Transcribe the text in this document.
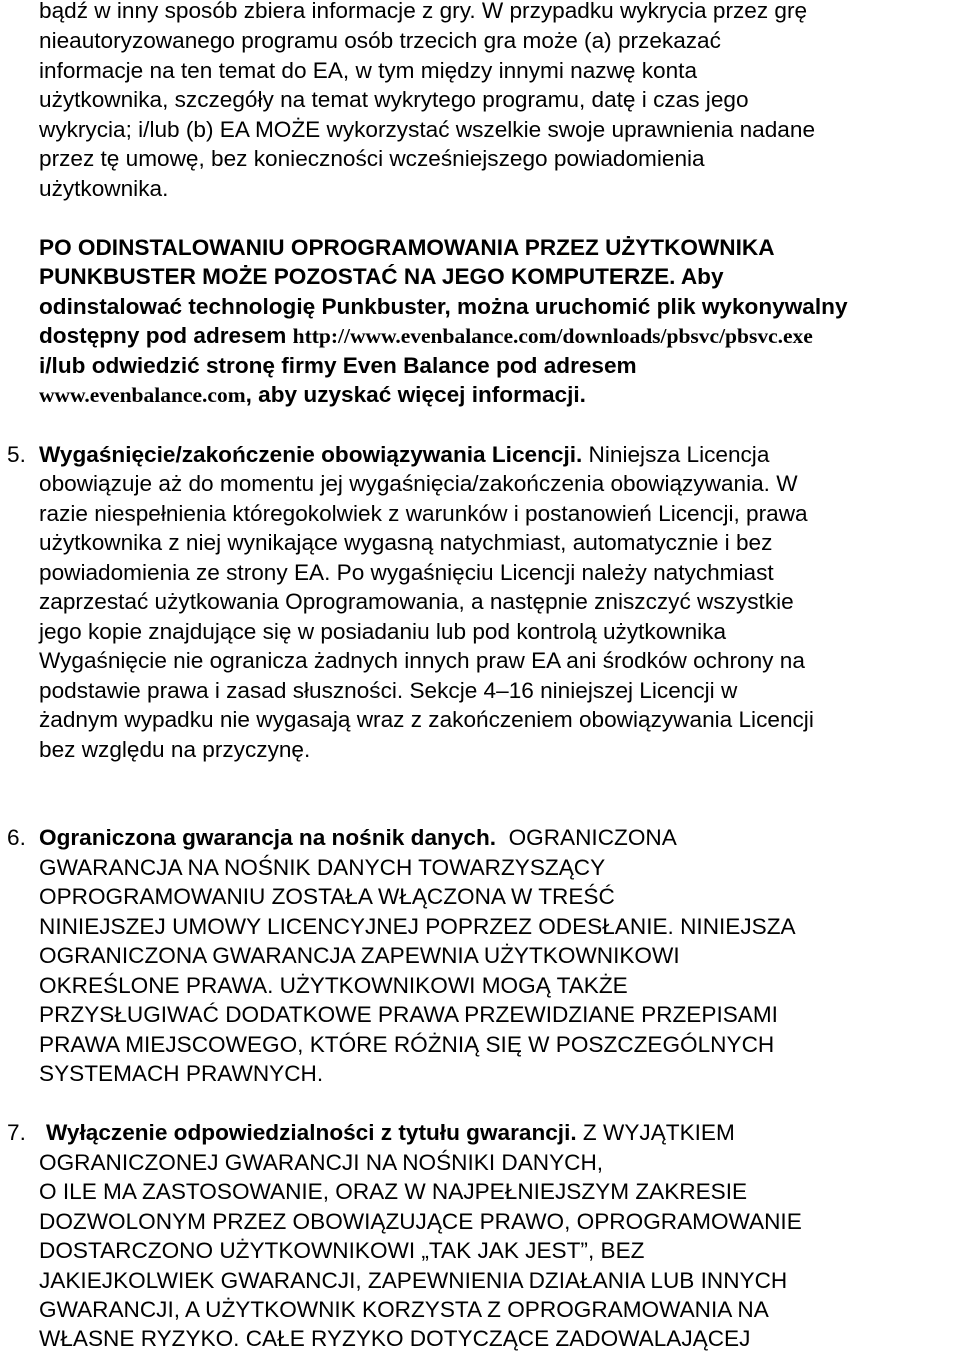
bądź w inny sposób zbiera informacje z gry. W przypadku wykrycia przez grę
nieautoryzowanego programu osób trzecich gra może (a) przekazać
informacje na ten temat do EA, w tym między innymi nazwę konta
użytkownika, szczegóły na temat wykrytego programu, datę i czas jego
wykrycia; i/lub (b) EA MOŻE wykorzystać wszelkie swoje uprawnienia nadane
przez tę umowę, bez konieczności wcześniejszego powiadomienia
użytkownika.
PO ODINSTALOWANIU OPROGRAMOWANIA PRZEZ UŻYTKOWNIKA
PUNKBUSTER MOŻE POZOSTAĆ NA JEGO KOMPUTERZE. Aby
odinstalować technologię Punkbuster, można uruchomić plik wykonywalny
dostępny pod adresem http://www.evenbalance.com/downloads/pbsvc/pbsvc.exe
i/lub odwiedzić stronę firmy Even Balance pod adresem
www.evenbalance.com, aby uzyskać więcej informacji.
5. Wygaśnięcie/zakończenie obowiązywania Licencji. Niniejsza Licencja
obowiązuje aż do momentu jej wygaśnięcia/zakończenia obowiązywania. W
razie niespełnienia któregokolwiek z warunków i postanowień Licencji, prawa
użytkownika z niej wynikające wygasną natychmiast, automatycznie i bez
powiadomienia ze strony EA. Po wygaśnięciu Licencji należy natychmiast
zaprzestać użytkowania Oprogramowania, a następnie zniszczyć wszystkie
jego kopie znajdujące się w posiadaniu lub pod kontrolą użytkownika
Wygaśnięcie nie ogranicza żadnych innych praw EA ani środków ochrony na
podstawie prawa i zasad słuszności. Sekcje 4–16 niniejszej Licencji w
żadnym wypadku nie wygasają wraz z zakończeniem obowiązywania Licencji
bez względu na przyczynę.
6. Ograniczona gwarancja na nośnik danych.  OGRANICZONA
GWARANCJA NA NOŚNIK DANYCH TOWARZYSZĄCY
OPROGRAMOWANIU ZOSTAŁA WŁĄCZONA W TREŚĆ
NINIEJSZEJ UMOWY LICENCYJNEJ POPRZEZ ODESŁANIE. NINIEJSZA
OGRANICZONA GWARANCJA ZAPEWNIA UŻYTKOWNIKOWI
OKREŚLONE PRAWA. UŻYTKOWNIKOWI MOGĄ TAKŻE
PRZYSŁUGIWAĆ DODATKOWE PRAWA PRZEWIDZIANE PRZEPISAMI
PRAWA MIEJSCOWEGO, KTÓRE RÓŻNIĄ SIĘ W POSZCZEGÓLNYCH
SYSTEMACH PRAWNYCH.
7. Wyłączenie odpowiedzialności z tytułu gwarancji. Z WYJĄTKIEM
OGRANICZONEJ GWARANCJI NA NOŚNIKI DANYCH,
O ILE MA ZASTOSOWANIE, ORAZ W NAJPEŁNIEJSZYM ZAKRESIE
DOZWOLONYM PRZEZ OBOWIĄZUJĄCE PRAWO, OPROGRAMOWANIE
DOSTARCZONO UŻYTKOWNIKOWI „TAK JAK JEST”, BEZ
JAKIEJKOLWIEK GWARANCJI, ZAPEWNIENIA DZIAŁANIA LUB INNYCH
GWARANCJI, A UŻYTKOWNIK KORZYSTA Z OPROGRAMOWANIA NA
WŁASNE RYZYKO. CAŁE RYZYKO DOTYCZĄCE ZADOWALAJĄCEJ
